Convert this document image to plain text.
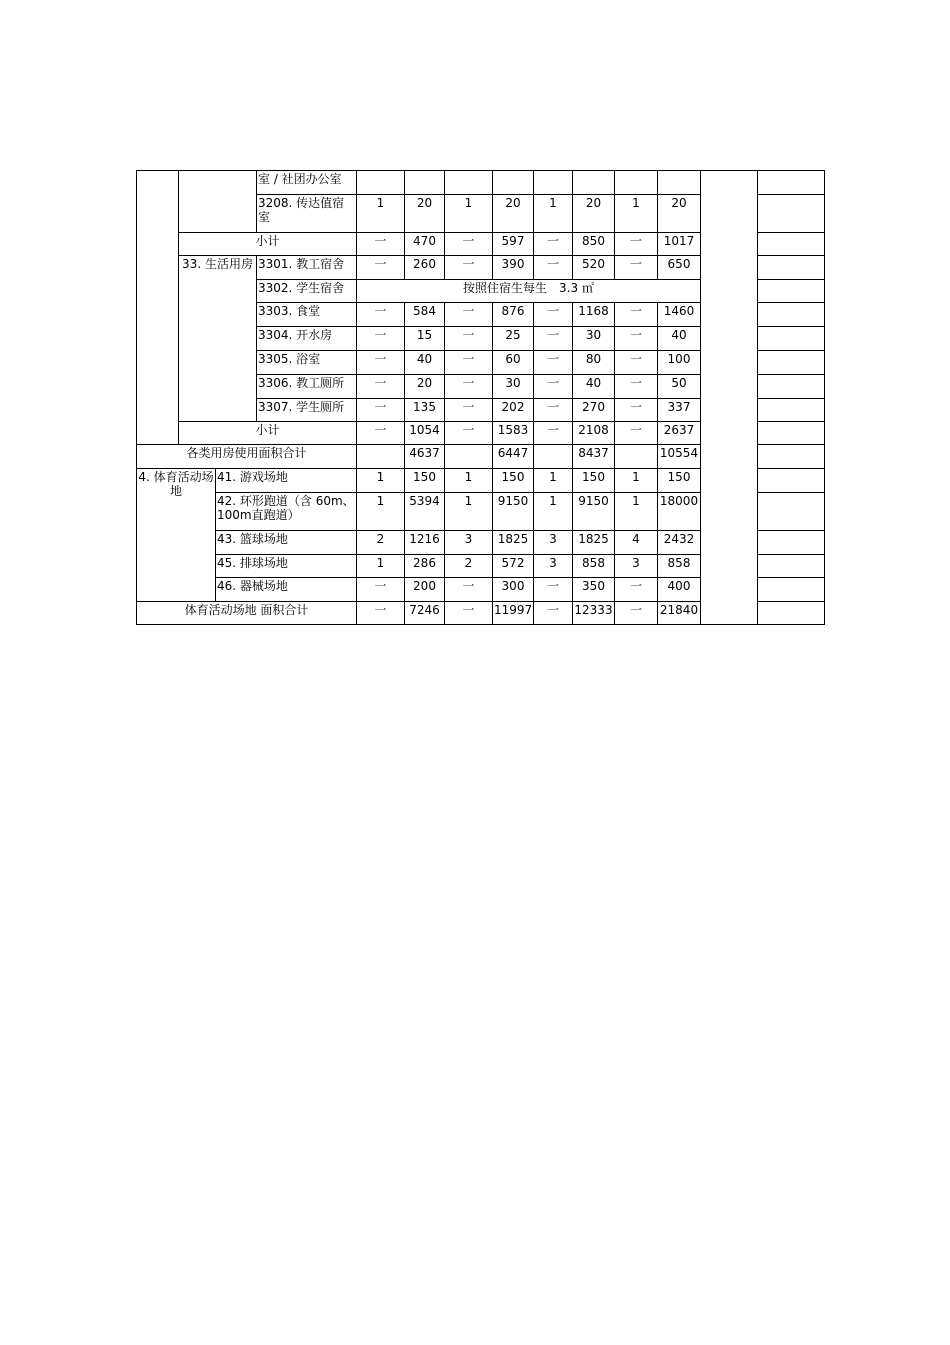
			室 / 社团办公室										
			3208. 传达值宿室	1	20	1	20	1	20	1	20		
	小计			一	470	一	597	一	850	一	1017		
	33. 生活用房		3301. 教工宿舍	一	260	一	390	一	520	一	650		
			3302. 学生宿舍	按照住宿生每生　3.3 ㎡									
			3303. 食堂	一	584	一	876	一	1168	一	1460		
			3304. 开水房	一	15	一	25	一	30	一	40		
			3305. 浴室	一	40	一	60	一	80	一	100		
			3306. 教工厕所	一	20	一	30	一	40	一	50		
			3307. 学生厕所	一	135	一	202	一	270	一	337		
	小计			一	1054	一	1583	一	2108	一	2637		
各类用房使用面积合计					4637		6447		8437		10554		
4. 体育活动场地		41. 游戏场地		1	150	1	150	1	150	1	150		
		42. 环形跑道（含 60m、100m直跑道）		1	5394	1	9150	1	9150	1	18000		
		43. 篮球场地		2	1216	3	1825	3	1825	4	2432		
		45. 排球场地		1	286	2	572	3	858	3	858		
		46. 器械场地		一	200	一	300	一	350	一	400		
体育活动场地 面积合计				一	7246	一	11997	一	12333	一	21840		
